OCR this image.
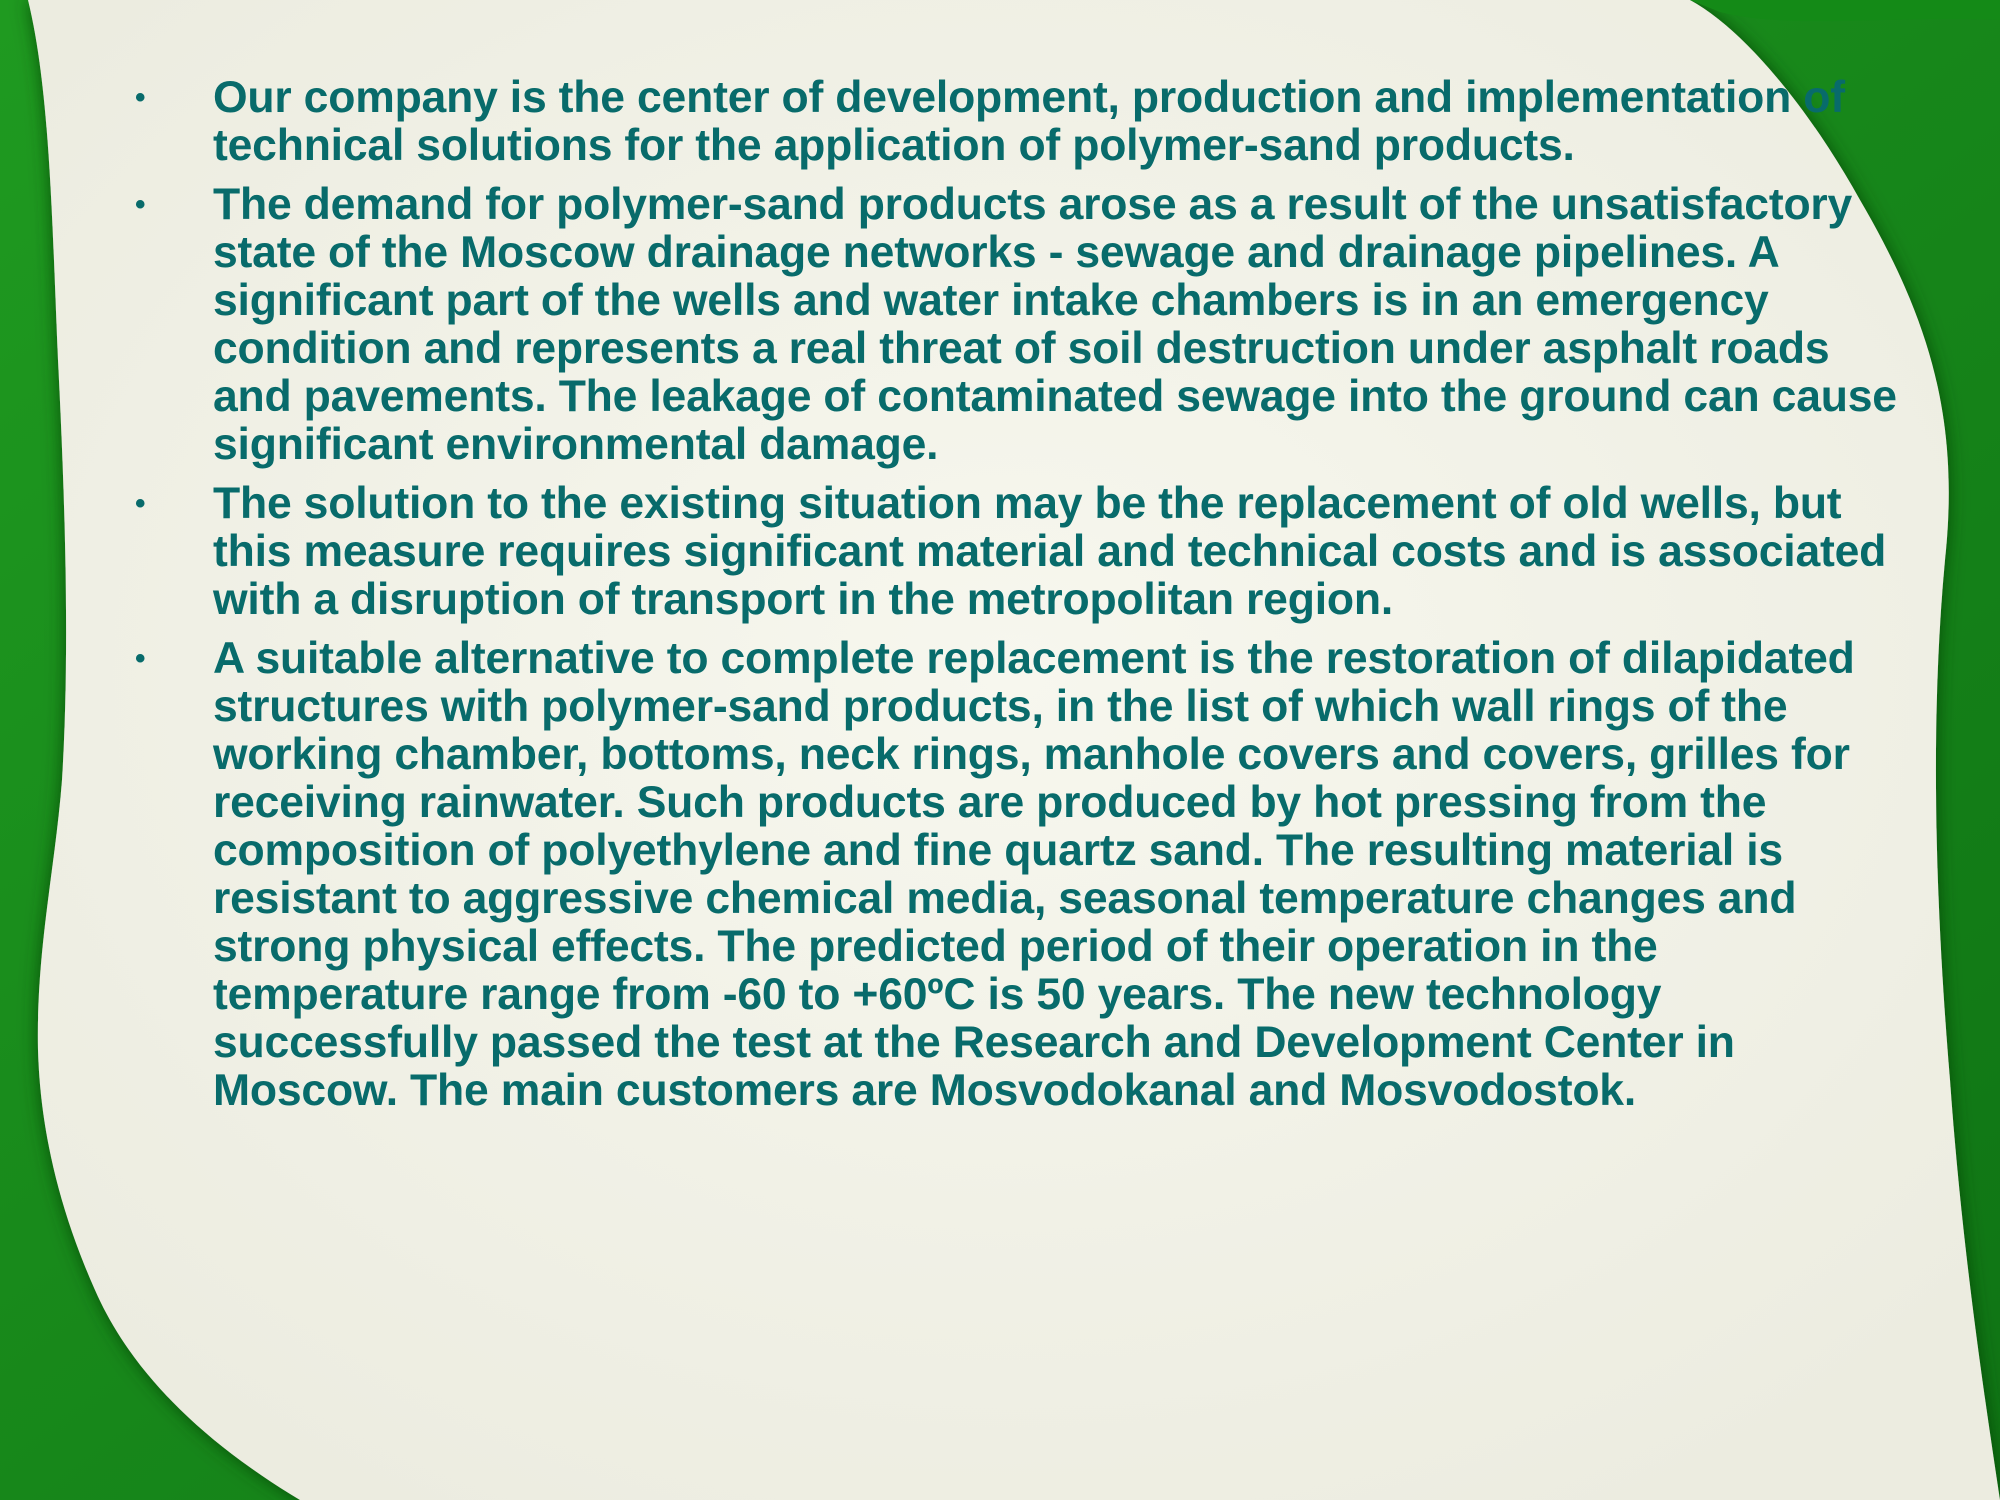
• Our company is the center of development, production and implementation of technical solutions for the application of polymer-sand products.
• The demand for polymer-sand products arose as a result of the unsatisfactory state of the Moscow drainage networks - sewage and drainage pipelines. A significant part of the wells and water intake chambers is in an emergency condition and represents a real threat of soil destruction under asphalt roads and pavements. The leakage of contaminated sewage into the ground can cause significant environmental damage.
• The solution to the existing situation may be the replacement of old wells, but this measure requires significant material and technical costs and is associated with a disruption of transport in the metropolitan region.
• A suitable alternative to complete replacement is the restoration of dilapidated structures with polymer-sand products, in the list of which wall rings of the working chamber, bottoms, neck rings, manhole covers and covers, grilles for receiving rainwater. Such products are produced by hot pressing from the composition of polyethylene and fine quartz sand. The resulting material is resistant to aggressive chemical media, seasonal temperature changes and strong physical effects. The predicted period of their operation in the temperature range from -60 to +60ºC is 50 years. The new technology successfully passed the test at the Research and Development Center in Moscow. The main customers are Mosvodokanal and Mosvodostok.
